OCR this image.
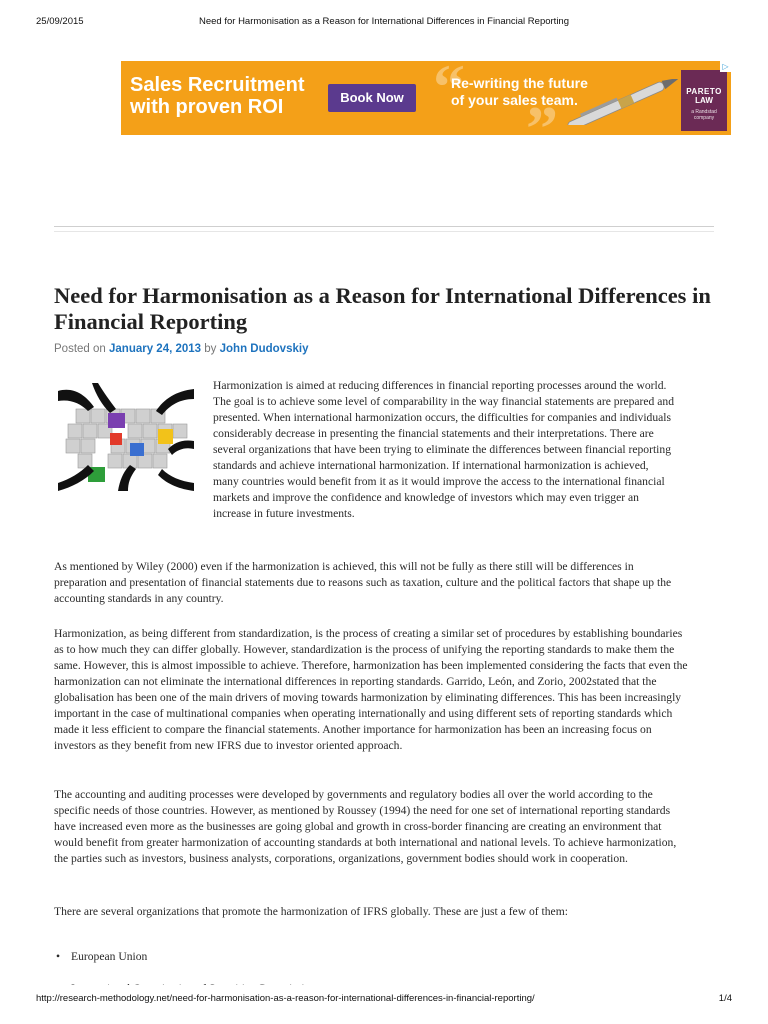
25/09/2015	Need for Harmonisation as a Reason for International Differences in Financial Reporting
Sales Recruitment with proven ROI	Book Now “
”
Re-writing the future of your sales team.
PARETO
LAW
a Randstad company
▷
Need for Harmonisation as a Reason for International Differences in Financial Reporting
Posted on January 24, 2013 by John Dudovskiy

Harmonization is aimed at reducing differences in financial reporting processes around the world. The goal is to achieve some level of comparability in the way financial statements are prepared and presented. When international harmonization occurs, the difficulties for companies and individuals considerably decrease in presenting the financial statements and their interpretations. There are several organizations that have been trying to eliminate the differences between financial reporting standards and achieve international harmonization. If international harmonization is achieved, many countries would benefit from it as it would improve the access to the international financial markets and improve the confidence and knowledge of investors which may even trigger an increase in future investments.

As mentioned by Wiley (2000) even if the harmonization is achieved, this will not be fully as there still will be differences in preparation and presentation of financial statements due to reasons such as taxation, culture and the political factors that shape up the accounting standards in any country.

Harmonization, as being different from standardization, is the process of creating a similar set of procedures by establishing boundaries as to how much they can differ globally. However, standardization is the process of unifying the reporting standards to make them the same. However, this is almost impossible to achieve. Therefore, harmonization has been implemented considering the facts that even the harmonization can not eliminate the international differences in reporting standards. Garrido, León, and Zorio, 2002stated that the globalisation has been one of the main drivers of moving towards harmonization by eliminating differences. This has been increasingly important in the case of multinational companies when operating internationally and using different sets of reporting standards which made it less efficient to compare the financial statements. Another importance for harmonization has been an increasing focus on investors as they benefit from new IFRS due to investor oriented approach.

The accounting and auditing processes were developed by governments and regulatory bodies all over the world according to the specific needs of those countries. However, as mentioned by Roussey (1994) the need for one set of international reporting standards have increased even more as the businesses are going global and growth in cross-border financing are creating an environment that would benefit from greater harmonization of accounting standards at both international and national levels. To achieve harmonization, the parties such as investors, business analysts, corporations, organizations, government bodies should work in cooperation.

There are several organizations that promote the harmonization of IFRS globally. These are just a few of them:

• European Union
http://research-methodology.net/need-for-harmonisation-as-a-reason-for-international-differences-in-financial-reporting/	1/4
